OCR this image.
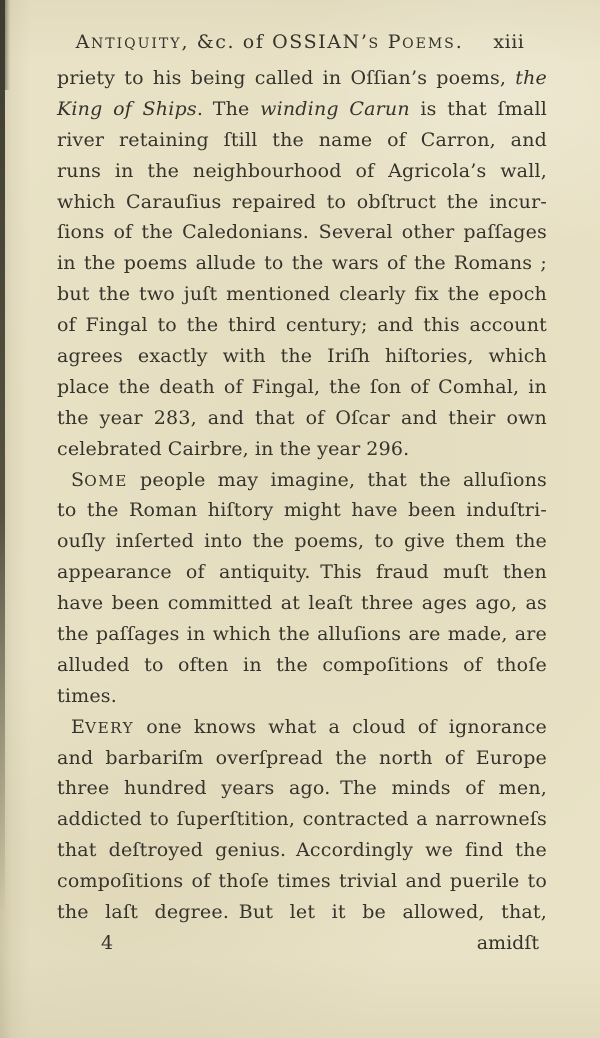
ANTIQUITY, &c. of OSSIAN’S POEMS. xiii
priety to his being called in Oſſian’s poems, the
King of Ships. The winding Carun is that ſmall
river retaining ſtill the name of Carron, and
runs in the neighbourhood of Agricola’s wall,
which Carauſius repaired to obſtruct the incur-
ſions of the Caledonians. Several other paſſages
in the poems allude to the wars of the Romans ;
but the two juſt mentioned clearly fix the epoch
of Fingal to the third century; and this account
agrees exactly with the Iriſh hiſtories, which
place the death of Fingal, the ſon of Comhal, in
the year 283, and that of Oſcar and their own
celebrated Cairbre, in the year 296.
SOME people may imagine, that the alluſions
to the Roman hiſtory might have been induſtri-
ouſly inſerted into the poems, to give them the
appearance of antiquity. This fraud muſt then
have been committed at leaſt three ages ago, as
the paſſages in which the alluſions are made, are
alluded to often in the compoſitions of thoſe
times.
EVERY one knows what a cloud of ignorance
and barbariſm overſpread the north of Europe
three hundred years ago. The minds of men,
addicted to ſuperſtition, contracted a narrowneſs
that deſtroyed genius. Accordingly we find the
compoſitions of thoſe times trivial and puerile to
the laſt degree. But let it be allowed, that,
4	amidſt
